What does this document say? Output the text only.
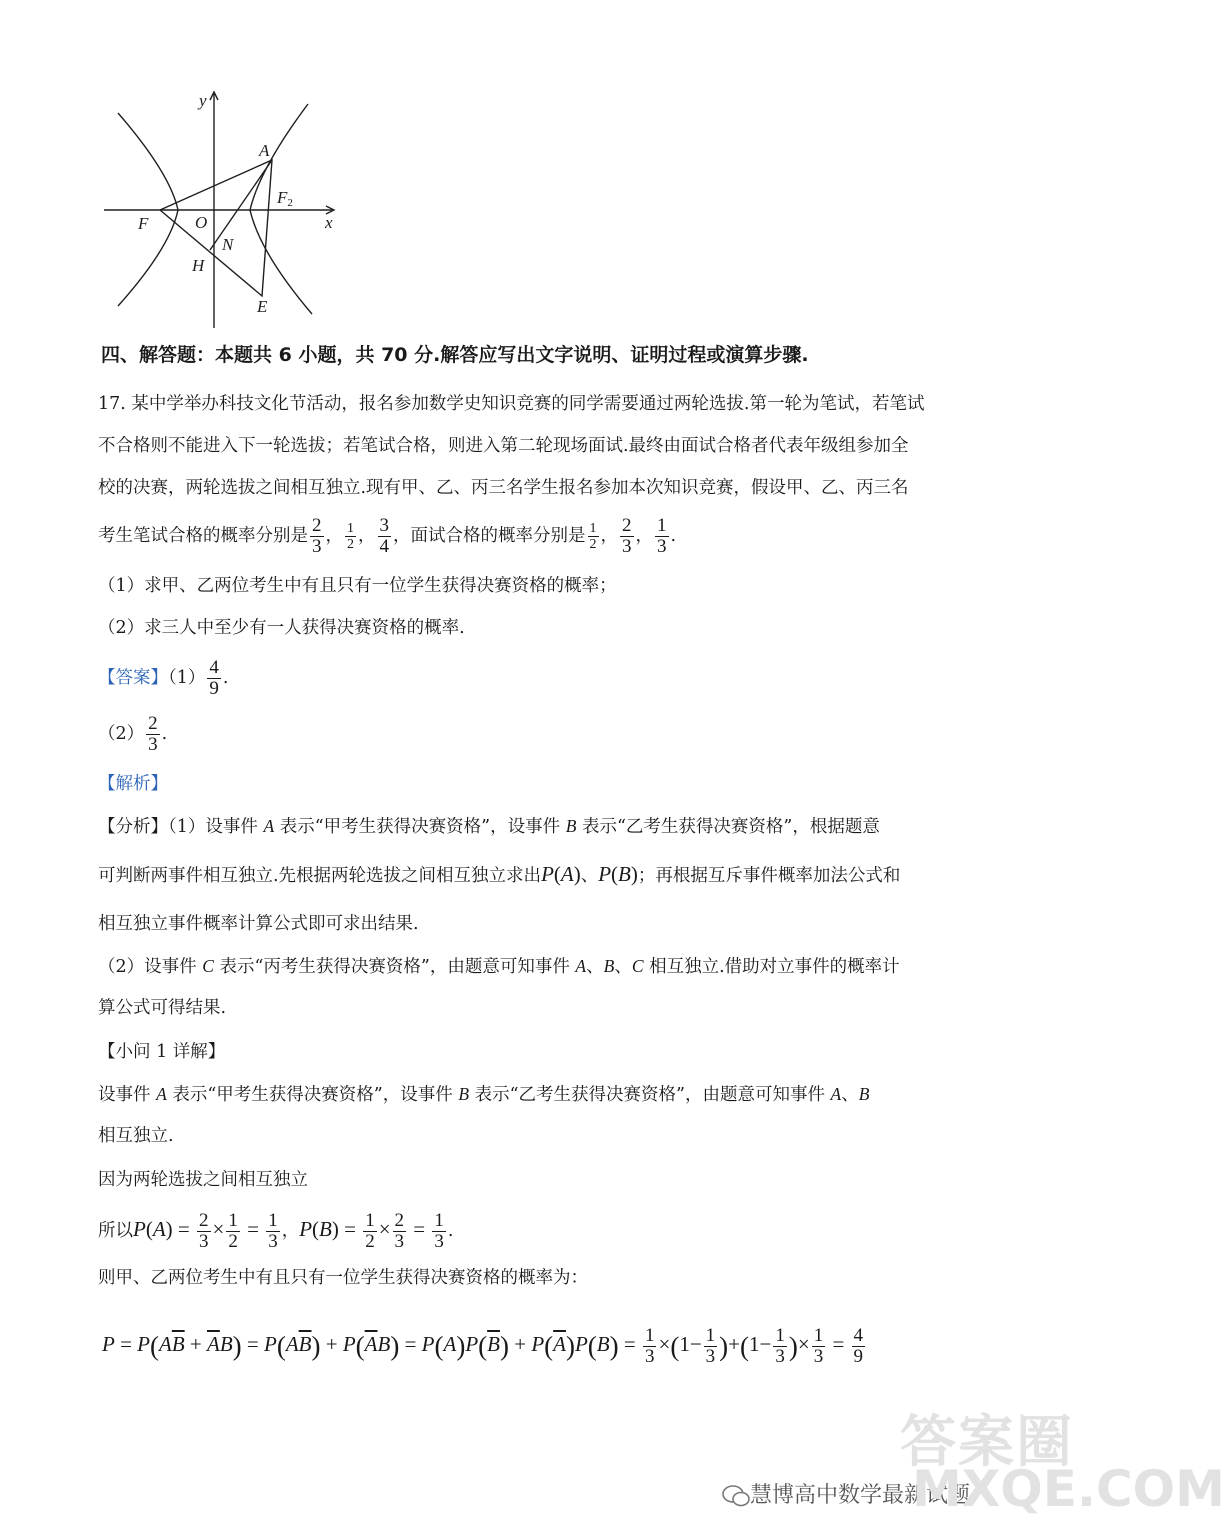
y
x
A
F2
F	O
N
H
E
四、解答题：本题共 6 小题，共 70 分.解答应写出文字说明、证明过程或演算步骤.
17. 某中学举办科技文化节活动，报名参加数学史知识竞赛的同学需要通过两轮选拔.第一轮为笔试，若笔试
不合格则不能进入下一轮选拔；若笔试合格，则进入第二轮现场面试.最终由面试合格者代表年级组参加全
校的决赛，两轮选拔之间相互独立.现有甲、乙、丙三名学生报名参加本次知识竞赛，假设甲、乙、丙三名
考生笔试合格的概率分别是 $\frac{2}{3}$ ， $\frac{1}{2}$ ， $\frac{3}{4}$ ，面试合格的概率分别是 $\frac{1}{2}$ ， $\frac{2}{3}$ ， $\frac{1}{3}$ .
（1）求甲、乙两位考生中有且只有一位学生获得决赛资格的概率；
（2）求三人中至少有一人获得决赛资格的概率.
【答案】$(1) \frac{4}{9}$ .
$(2) \frac{2}{3}$ .
【解析】
【分析】（1）设事件 A 表示“甲考生获得决赛资格”，设事件 B 表示“乙考生获得决赛资格”，根据题意
可判断两事件相互独立.先根据两轮选拔之间相互独立求出P(A)、P(B)；再根据互斥事件概率加法公式和
相互独立事件概率计算公式即可求出结果.
（2）设事件 C 表示“丙考生获得决赛资格”，由题意可知事件 A、B、C 相互独立.借助对立事件的概率计
算公式可得结果.
【小问 1 详解】
设事件 A 表示“甲考生获得决赛资格”，设事件 B 表示“乙考生获得决赛资格”，由题意可知事件 A、B
相互独立.
因为两轮选拔之间相互独立
所以$P(A) = \frac{2}{3} \times \frac{1}{2} = \frac{1}{3}$ ，$P(B) = \frac{1}{2} \times \frac{2}{3} = \frac{1}{3}$ .
则甲、乙两位考生中有且只有一位学生获得决赛资格的概率为：
$P = P(A\overline{B} + \overline{A}B) = P(A\overline{B}) + P(\overline{A}B) = P(A)P(\overline{B}) + P(\overline{A})P(B) = \frac{1}{3} \times(1- \frac{1}{3} )+(1- \frac{1}{3}$ )× $\frac{1}{3} = \frac{4}{9}$
慧博高中数学最新试题
答案圈
MXQE.COM
